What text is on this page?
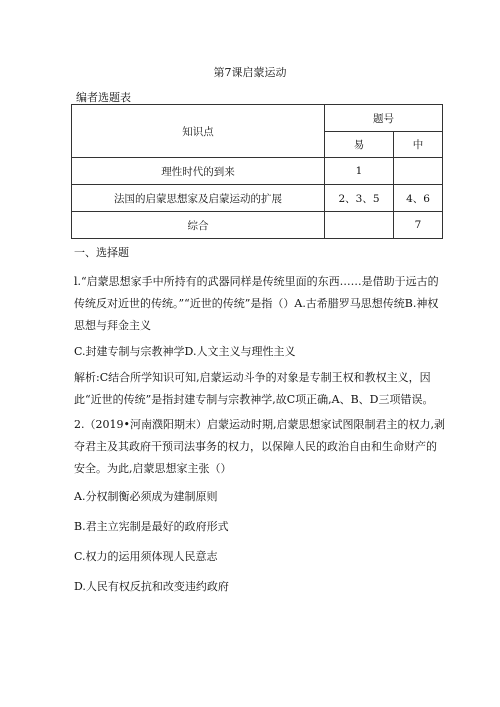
第7课启蒙运动
编者选题表
知识点	题号	
	易	中
理性时代的到来	1	
法国的启蒙思想家及启蒙运动的扩展	2、3、5	4、6
综合		7

一、选择题

l.“启蒙思想家手中所持有的武器同样是传统里面的东西……是借助于远古的传统反对近世的传统。”“近世的传统”是指（）A.古希腊罗马思想传统B.神权思想与拜金主义

C.封建专制与宗教神学D.人文主义与理性主义

解析:C结合所学知识可知,启蒙运动斗争的对象是专制王权和教权主义，因此“近世的传统”是指封建专制与宗教神学,故C项正确,A、B、D三项错误。

2.（2019•河南濮阳期末）启蒙运动时期,启蒙思想家试图限制君主的权力,剥夺君主及其政府干预司法事务的权力，以保障人民的政治自由和生命财产的安全。为此,启蒙思想家主张（）

A.分权制衡必须成为建制原则

B.君主立宪制是最好的政府形式

C.权力的运用须体现人民意志

D.人民有权反抗和改变违约政府
